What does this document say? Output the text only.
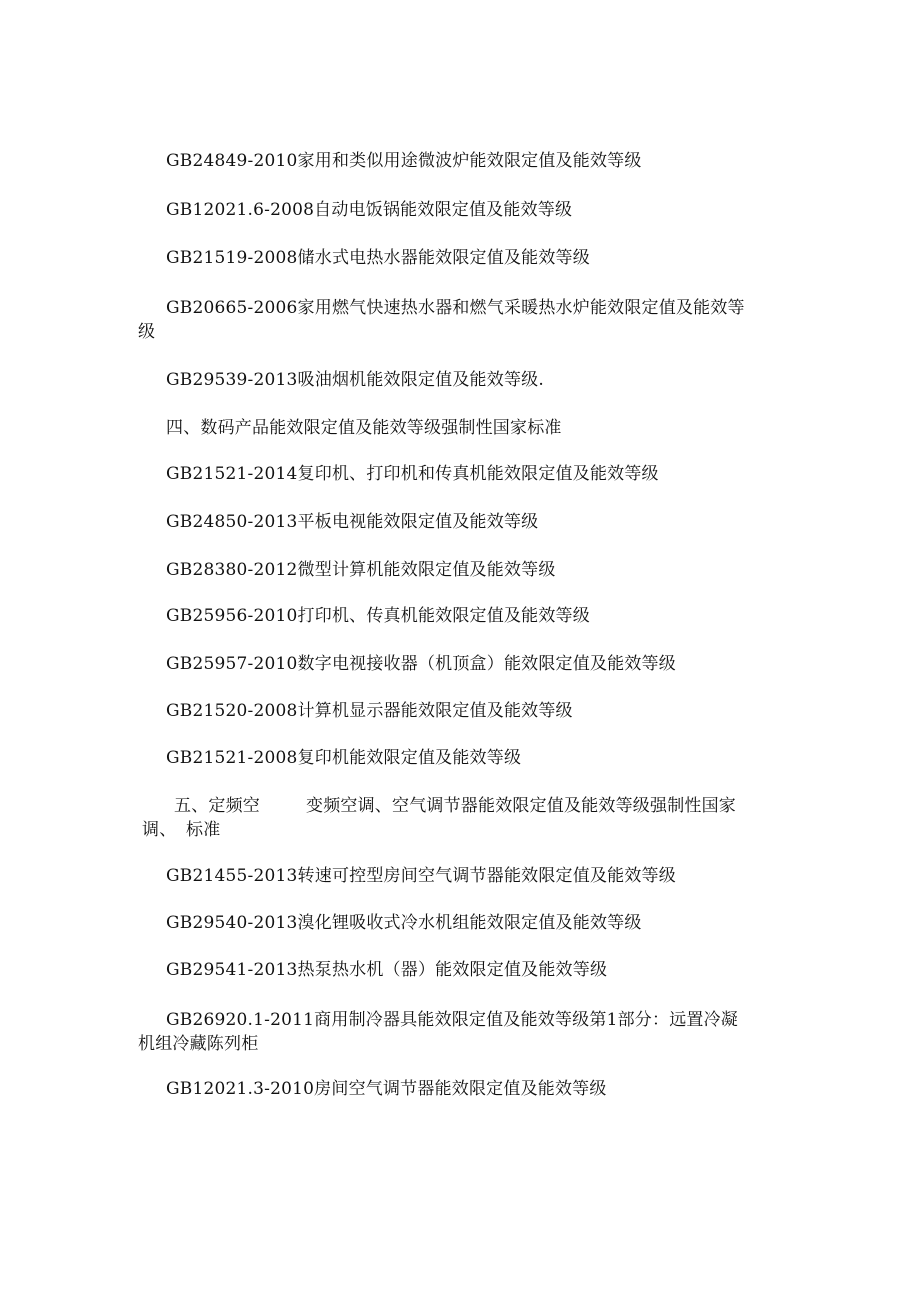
GB24849-2010家用和类似用途微波炉能效限定值及能效等级
GB12021.6-2008自动电饭锅能效限定值及能效等级
GB21519-2008储水式电热水器能效限定值及能效等级
GB20665-2006家用燃气快速热水器和燃气采暖热水炉能效限定值及能效等
级
GB29539-2013吸油烟机能效限定值及能效等级.
四、数码产品能效限定值及能效等级强制性国家标准
GB21521-2014复印机、打印机和传真机能效限定值及能效等级
GB24850-2013平板电视能效限定值及能效等级
GB28380-2012微型计算机能效限定值及能效等级
GB25956-2010打印机、传真机能效限定值及能效等级
GB25957-2010数字电视接收器（机顶盒）能效限定值及能效等级
GB21520-2008计算机显示器能效限定值及能效等级
GB21521-2008复印机能效限定值及能效等级
五、定频空	变频空调、空气调节器能效限定值及能效等级强制性国家
调、 标准
GB21455-2013转速可控型房间空气调节器能效限定值及能效等级
GB29540-2013溴化锂吸收式冷水机组能效限定值及能效等级
GB29541-2013热泵热水机（器）能效限定值及能效等级
GB26920.1-2011商用制冷器具能效限定值及能效等级第1部分：远置冷凝
机组冷藏陈列柜
GB12021.3-2010房间空气调节器能效限定值及能效等级
